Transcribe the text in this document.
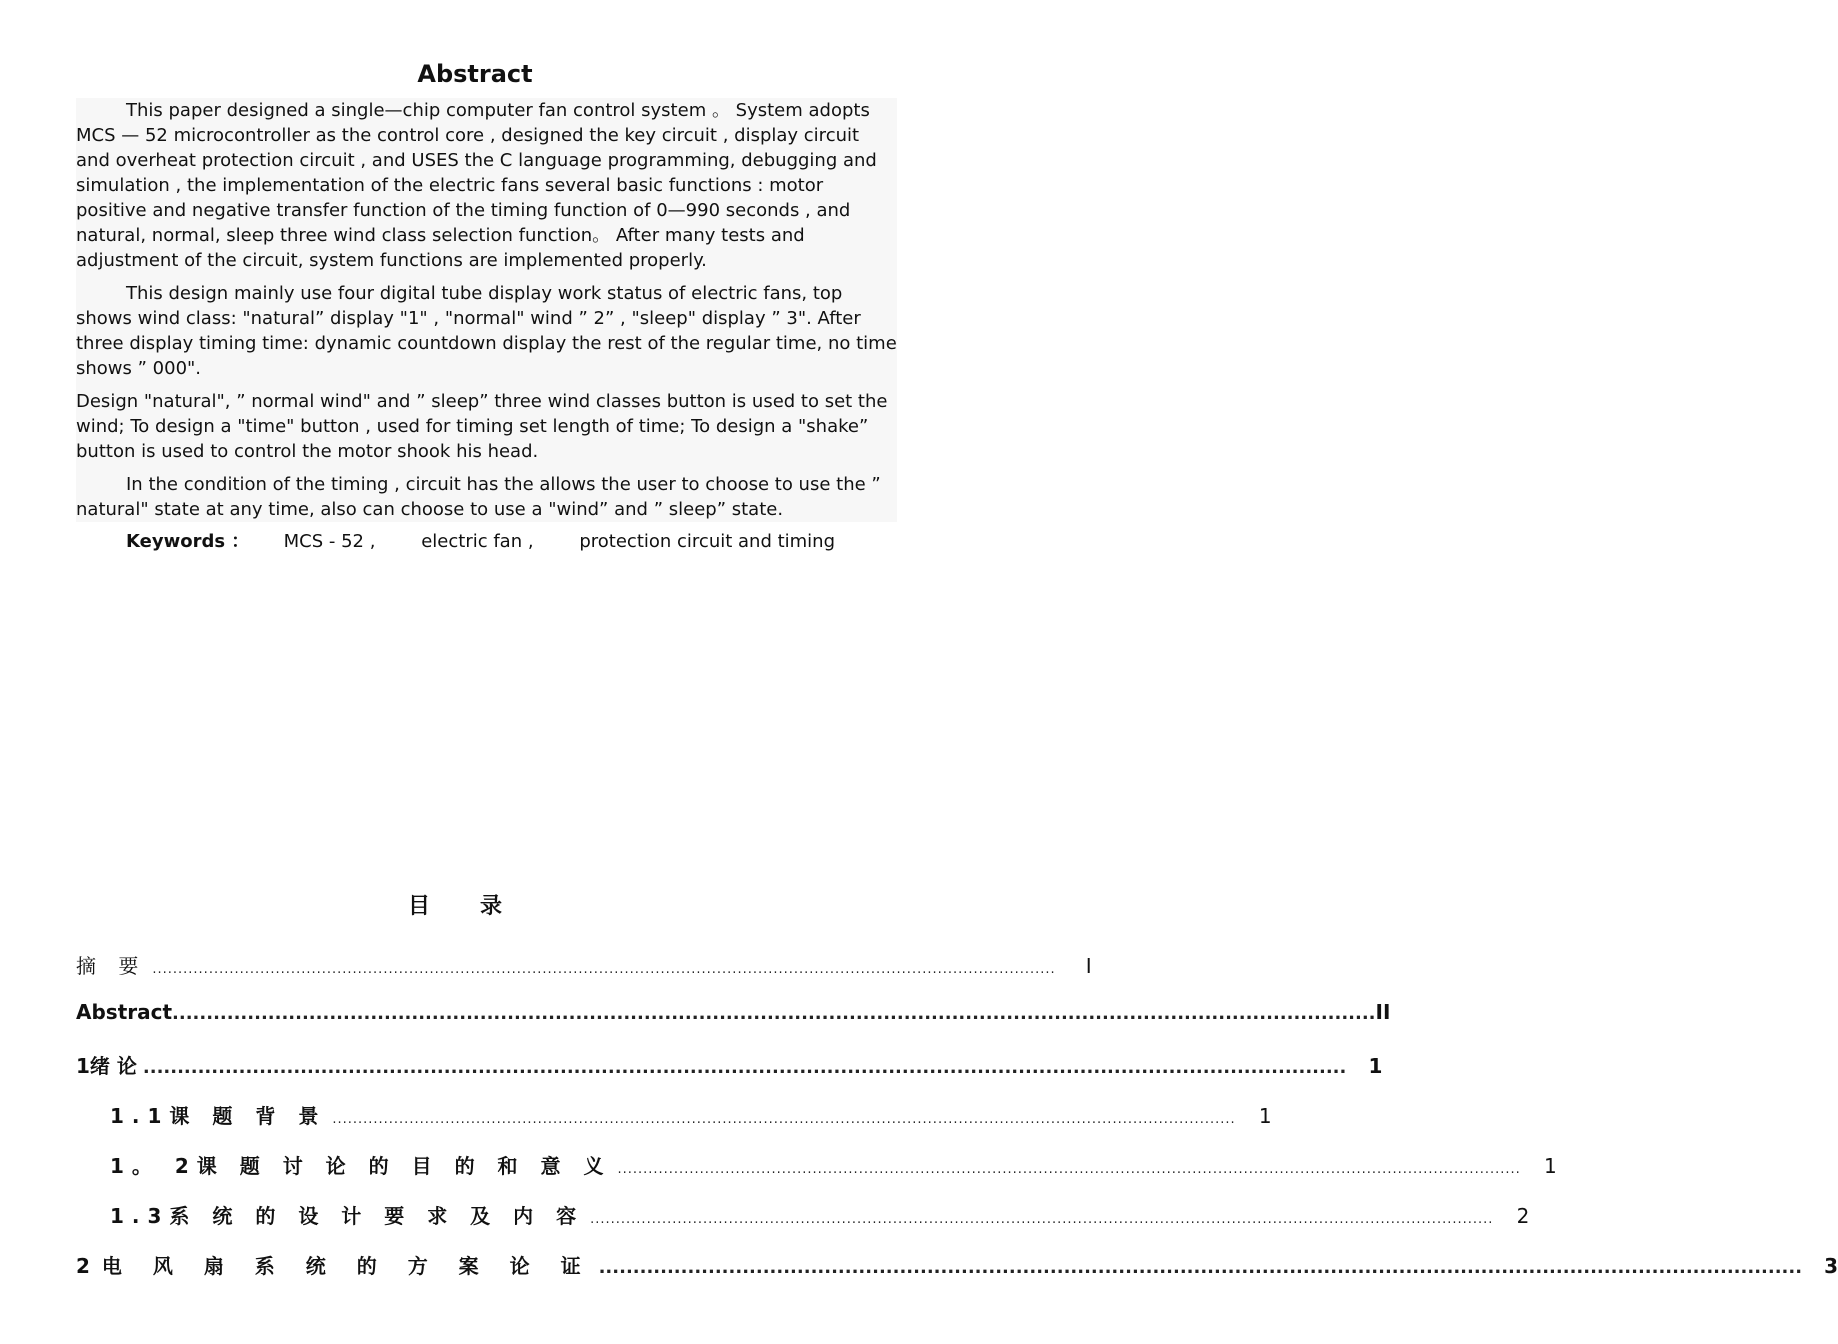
Abstract

This paper designed a single—chip computer fan control system 。 System adopts MCS — 52 microcontroller as the control core , designed the key circuit , display circuit and overheat protection circuit , and USES the C language programming, debugging and simulation , the implementation of the electric fans several basic functions : motor positive and negative transfer function of the timing function of 0—990 seconds , and natural, normal, sleep three wind class selection function。 After many tests and adjustment of the circuit, system functions are implemented properly.

This design mainly use four digital tube display work status of electric fans, top shows wind class: "natural” display "1" , "normal" wind ” 2” , "sleep" display ” 3". After three display timing time: dynamic countdown display the rest of the regular time, no time shows ” 000".

Design "natural", ” normal wind" and ” sleep” three wind classes button is used to set the wind; To design a "time" button , used for timing set length of time; To design a "shake” button is used to control the motor shook his head.

In the condition of the timing , circuit has the allows the user to choose to use the ” natural" state at any time, also can choose to use a "wind” and ” sleep” state.

Keywords ：      MCS - 52 ,        electric fan ,        protection circuit and timing
目录
摘 要 ................................................................................................................................................................................	I
Abstract ................................................................................................................................................................................ II
1绪 论 ................................................................................................................................................................................	1
1.1课 题 背 景 ................................................................................................................................................................................	1
1。 2课 题 讨 论 的 目 的 和 意 义 ................................................................................................................................................................................	1
1.3系 统 的 设 计 要 求 及 内 容 ................................................................................................................................................................................	2
2电 风 扇 系 统 的 方 案 论 证 ................................................................................................................................................................................	3
